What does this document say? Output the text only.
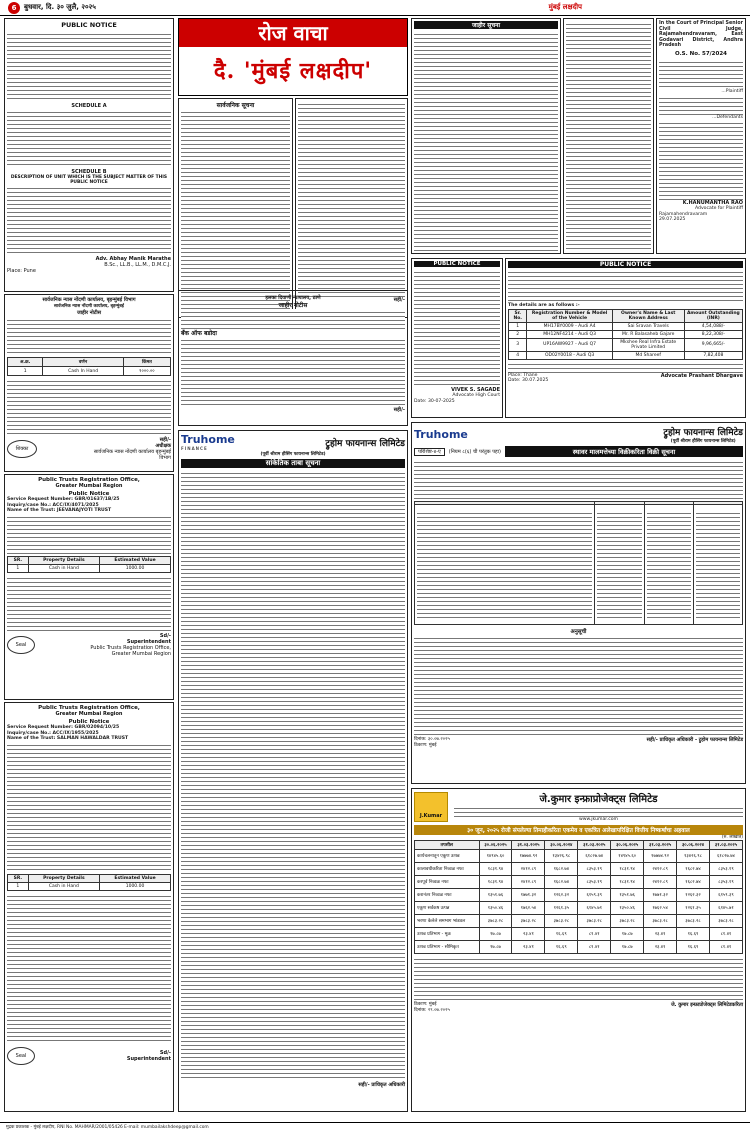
6	बुधवार, दि. ३० जुलै, २०२५	मुंबई लक्षदीप
PUBLIC NOTICE
SCHEDULE A
SCHEDULE B
DESCRIPTION OF UNIT WHICH IS THE SUBJECT MATTER OF THIS PUBLIC NOTICE
Adv. Abhay Manik Marathe
B.Sc., LL.B., LL.M., D.M.C.J.
Place: Pune
सार्वजनिक न्यास नोंदणी कार्यालय, बृहन्मुंबई विभाग
सार्वजनिक न्यास नोंदणी कार्यालय, बृहन्मुंबई
जाहीर नोटीस
अ.क्र.	वर्णन	किंमत
1	Cash In Hand	१०००.००
शिक्का
सही/-
अधीक्षक
सार्वजनिक न्यास नोंदणी कार्यालय बृहन्मुंबई विभाग
Public Trusts Registration Office,
Greater Mumbai Region
Public Notice
Service Request Number: GBR/01637/1B/25
Inquiry/case No.: ACC/IX/4071/2025
Name of the Trust: JEEVANAJYOTI TRUST
SR.	Property Details	Estimated Value
1	Cash in Hand	1000.00
Seal
Sd/-
Superintendent
Public Trusts Registration Office, Greater Mumbai Region
Public Trusts Registration Office,
Greater Mumbai Region
Public Notice
Service Request Number: GBR/02094/10/25
Inquiry/case No.: ACC/IX/1955/2025
Name of the Trust: SALMAN HAWALDAR TRUST
SR.	Property Details	Estimated Value
1	Cash in Hand	1000.00
Seal	Sd/-
Superintendent
रोज वाचा
दै. 'मुंबई लक्षदीप'
सार्वजनिक सूचना
सही/-
हलका दिवाणी न्यायालय, ठाणे
जाहीर नोटीस
बँक ऑफ बडोदा
सही/-
जाहीर सूचना	In the Court of Principal Senior Civil Judge, Rajamahendravaram, East Godavari District, Andhra Pradesh
O.S. No. 57/2024
...Plaintiff
...Defendants
K.HANUMANTHA RAO
Advocate for Plaintiff
Rajamahendravaram
29.07.2025
PUBLIC NOTICE
VIVEK S. SAGADE
Advocate High Court
Date: 30-07-2025
PUBLIC NOTICE
The details are as follows :-
Sr. No.	Registration Number & Model of the Vehicle	Owner's Name & Last Known Address	Amount Outstanding (INR)
1	MH17BY0009 - Audi A4	Sai Sravan Travels	4,54,088/-
2	MH12NF4214 - Audi Q3	Mr. R Balasaheb Gajare	8,22,308/-
3	UP16AW9927 - Audi Q7	Mkshee Real Infra Estate Private Limited	9,96,665/-
4	OD02Y0018 - Audi Q3	Md Shareef	7,82,408
Place: Thane
Date: 30.07.2025
Advocate Prashant Dhargave
Truhome
FINANCE	ट्रुहोम फायनान्स लिमिटेड
(पूर्वी श्रीराम हौसिंग फायनान्स लिमिटेड)
सांकेतिक ताबा सूचना
सही/- प्राधिकृत अधिकारी
Truhome	ट्रुहोम फायनान्स लिमिटेड
(पूर्वी श्रीराम हौसिंग फायनान्स लिमिटेड)
परिशिष्ट-४-ए	(नियम ८(६) ची परंतुक पहा)	स्थावर मालमत्तेच्या विक्रीकरिता विक्री सूचना

अनुसूची
दिनांक: ३०.०७.२०२५
ठिकाण: मुंबई
सही/- प्राधिकृत अधिकारी - ट्रुहोम फायनान्स लिमिटेड
J.Kumar
जे.कुमार इन्फ्राप्रोजेक्ट्स लिमिटेड
www.jkumar.com
३० जून, २०२५ रोजी संपलेल्या तिमाहीकरिता एकमेव व एकत्रित अलेखापरिक्षित वित्तीय निष्कर्षाचा अहवाल
(रु. लाखात)
तपशील	३०.०६.२०२५	३१.०३.२०२५	३०.०६.२०२४	३१.०३.२०२५	३०.०६.२०२५	३१.०३.२०२५	३०.०६.२०२४	३१.०३.२०२५
कार्यचलनातून एकूण उत्पन्न	१४९४५.६०	१७७७४.९२	१३४२६.९८	६१८२७.७४	१४९४५.६०	१७७७४.९२	१३४२६.९८	६१८२७.७४
कालावधीकरिता निव्वळ नफा	१८३१.९४	२४१२.८९	१६८२.७४	८३५३.१९	१८३१.९४	२४१२.८९	१६८२.७४	८३५३.१९
करपूर्व निव्वळ नफा	१८३१.९४	२४१२.८९	१६८२.७४	८३५३.१९	१८३१.९४	२४१२.८९	१६८२.७४	८३५३.१९
करानंतर निव्वळ नफा	१३५१.७६	१७७१.३२	१२६२.३२	६१५९.३९	१३५१.७६	१७७१.३२	१२६२.३२	६१५९.३९
एकूण सर्वंकष उत्पन्न	१३५०.४६	१७६२.५४	१२६१.३५	६१४५.७१	१३५०.४६	१७६२.५४	१२६१.३५	६१४५.७१
भरणा केलेले समभाग भांडवल	३७८३.२८	३७८३.२८	३७८३.२८	३७८३.२८	३७८३.२८	३७८३.२८	३७८३.२८	३७८३.२८
उत्पन्न प्रतिभाग - मूळ	१७.८७	२३.४१	१६.६९	८१.४१	१७.८७	२३.४१	१६.६९	८१.४१
उत्पन्न प्रतिभाग - सौमिकृत	१७.८७	२३.४१	१६.६९	८१.४१	१७.८७	२३.४१	१६.६९	८१.४१
ठिकाण: मुंबई
दिनांक: २९.०७.२०२५
जे. कुमार इन्फ्राप्रोजेक्ट्स लिमिटेडकरिता
मुद्रक प्रकाशक - मुंबई लक्षदीप, RNI No. MAHMAR/2001/05426 E-mail: mumbailakshdeep@gmail.com
